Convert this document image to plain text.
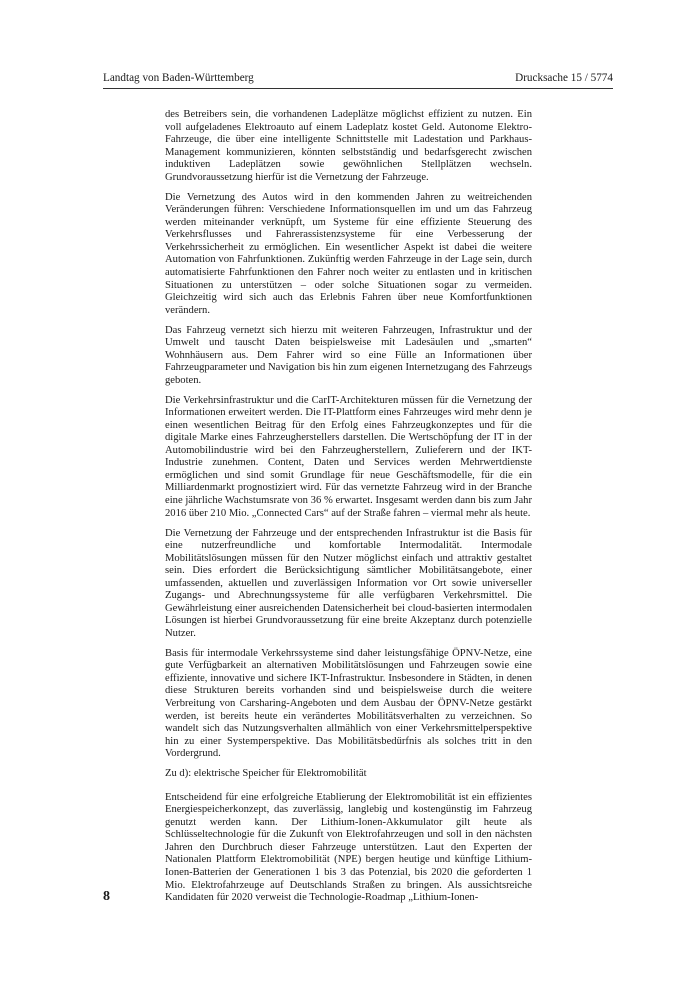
Landtag von Baden-Württemberg	Drucksache 15 / 5774

des Betreibers sein, die vorhandenen Ladeplätze möglichst effizient zu nutzen. Ein voll aufgeladenes Elektroauto auf einem Ladeplatz kostet Geld. Autonome Elektro-Fahrzeuge, die über eine intelligente Schnittstelle mit Ladestation und Parkhaus-Management kommunizieren, könnten selbstständig und bedarfsgerecht zwischen induktiven Ladeplätzen sowie gewöhnlichen Stellplätzen wechseln. Grundvoraussetzung hierfür ist die Vernetzung der Fahrzeuge.

Die Vernetzung des Autos wird in den kommenden Jahren zu weitreichenden Veränderungen führen: Verschiedene Informationsquellen im und um das Fahrzeug werden miteinander verknüpft, um Systeme für eine effiziente Steuerung des Verkehrsflusses und Fahrerassistenzsysteme für eine Verbesserung der Verkehrssicherheit zu ermöglichen. Ein wesentlicher Aspekt ist dabei die weitere Automation von Fahrfunktionen. Zukünftig werden Fahrzeuge in der Lage sein, durch automatisierte Fahrfunktionen den Fahrer noch weiter zu entlasten und in kritischen Situationen zu unterstützen – oder solche Situationen sogar zu vermeiden. Gleichzeitig wird sich auch das Erlebnis Fahren über neue Komfortfunktionen verändern.

Das Fahrzeug vernetzt sich hierzu mit weiteren Fahrzeugen, Infrastruktur und der Umwelt und tauscht Daten beispielsweise mit Ladesäulen und „smarten“ Wohnhäusern aus. Dem Fahrer wird so eine Fülle an Informationen über Fahrzeugparameter und Navigation bis hin zum eigenen Internetzugang des Fahrzeugs geboten.

Die Verkehrsinfrastruktur und die CarIT-Architekturen müssen für die Vernetzung der Informationen erweitert werden. Die IT-Plattform eines Fahrzeuges wird mehr denn je einen wesentlichen Beitrag für den Erfolg eines Fahrzeugkonzeptes und für die digitale Marke eines Fahrzeugherstellers darstellen. Die Wertschöpfung der IT in der Automobilindustrie wird bei den Fahrzeugherstellern, Zulieferern und der IKT-Industrie zunehmen. Content, Daten und Services werden Mehrwertdienste ermöglichen und sind somit Grundlage für neue Geschäftsmodelle, für die ein Milliardenmarkt prognostiziert wird. Für das vernetzte Fahrzeug wird in der Branche eine jährliche Wachstumsrate von 36 % erwartet. Insgesamt werden dann bis zum Jahr 2016 über 210 Mio. „Connected Cars“ auf der Straße fahren – viermal mehr als heute.

Die Vernetzung der Fahrzeuge und der entsprechenden Infrastruktur ist die Basis für eine nutzerfreundliche und komfortable Intermodalität. Intermodale Mobilitätslösungen müssen für den Nutzer möglichst einfach und attraktiv gestaltet sein. Dies erfordert die Berücksichtigung sämtlicher Mobilitätsangebote, einer umfassenden, aktuellen und zuverlässigen Information vor Ort sowie universeller Zugangs- und Abrechnungssysteme für alle verfügbaren Verkehrsmittel. Die Gewährleistung einer ausreichenden Datensicherheit bei cloud-basierten intermodalen Lösungen ist hierbei Grundvoraussetzung für eine breite Akzeptanz durch potenzielle Nutzer.

Basis für intermodale Verkehrssysteme sind daher leistungsfähige ÖPNV-Netze, eine gute Verfügbarkeit an alternativen Mobilitätslösungen und Fahrzeugen sowie eine effiziente, innovative und sichere IKT-Infrastruktur. Insbesondere in Städten, in denen diese Strukturen bereits vorhanden sind und beispielsweise durch die weitere Verbreitung von Carsharing-Angeboten und dem Ausbau der ÖPNV-Netze gestärkt werden, ist bereits heute ein verändertes Mobilitätsverhalten zu verzeichnen. So wandelt sich das Nutzungsverhalten allmählich von einer Verkehrsmittelperspektive hin zu einer Systemperspektive. Das Mobilitätsbedürfnis als solches tritt in den Vordergrund.

Zu d): elektrische Speicher für Elektromobilität

Entscheidend für eine erfolgreiche Etablierung der Elektromobilität ist ein effizientes Energiespeicherkonzept, das zuverlässig, langlebig und kostengünstig im Fahrzeug genutzt werden kann. Der Lithium-Ionen-Akkumulator gilt heute als Schlüsseltechnologie für die Zukunft von Elektrofahrzeugen und soll in den nächsten Jahren den Durchbruch dieser Fahrzeuge unterstützen. Laut den Experten der Nationalen Plattform Elektromobilität (NPE) bergen heutige und künftige Lithium-Ionen-Batterien der Generationen 1 bis 3 das Potenzial, bis 2020 die geforderten 1 Mio. Elektrofahrzeuge auf Deutschlands Straßen zu bringen. Als aussichtsreiche Kandidaten für 2020 verweist die Technologie-Roadmap „Lithium-Ionen-

8
